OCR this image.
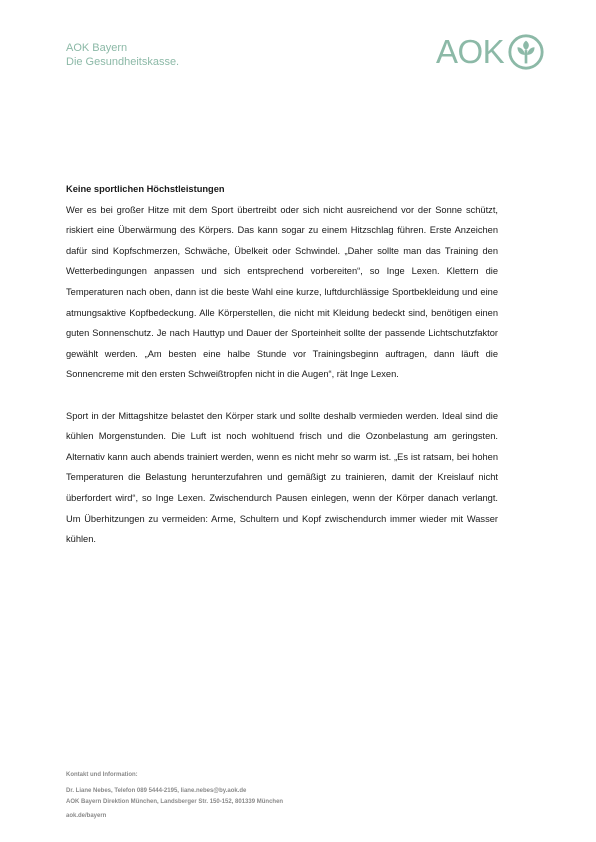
AOK Bayern
Die Gesundheitskasse.	AOK
Keine sportlichen Höchstleistungen

Wer es bei großer Hitze mit dem Sport übertreibt oder sich nicht ausreichend vor der Sonne schützt, riskiert eine Überwärmung des Körpers. Das kann sogar zu einem Hitzschlag führen. Erste Anzeichen dafür sind Kopfschmerzen, Schwäche, Übelkeit oder Schwindel. „Daher sollte man das Training den Wetterbedingungen anpassen und sich entsprechend vorbereiten“, so Inge Lexen. Klettern die Temperaturen nach oben, dann ist die beste Wahl eine kurze, luftdurchlässige Sportbekleidung und eine atmungsaktive Kopfbedeckung. Alle Körperstellen, die nicht mit Kleidung bedeckt sind, benötigen einen guten Sonnenschutz. Je nach Hauttyp und Dauer der Sporteinheit sollte der passende Lichtschutzfaktor gewählt werden. „Am besten eine halbe Stunde vor Trainingsbeginn auftragen, dann läuft die Sonnencreme mit den ersten Schweißtropfen nicht in die Augen“, rät Inge Lexen.

Sport in der Mittagshitze belastet den Körper stark und sollte deshalb vermieden werden. Ideal sind die kühlen Morgenstunden. Die Luft ist noch wohltuend frisch und die Ozonbelastung am geringsten. Alternativ kann auch abends trainiert werden, wenn es nicht mehr so warm ist. „Es ist ratsam, bei hohen Temperaturen die Belastung herunterzufahren und gemäßigt zu trainieren, damit der Kreislauf nicht überfordert wird“, so Inge Lexen. Zwischendurch Pausen einlegen, wenn der Körper danach verlangt. Um Überhitzungen zu vermeiden: Arme, Schultern und Kopf zwischendurch immer wieder mit Wasser kühlen.

Kontakt und Information:
Dr. Liane Nebes, Telefon 089 5444-2195, liane.nebes@by.aok.de
AOK Bayern Direktion München, Landsberger Str. 150-152, 801339 München
aok.de/bayern
